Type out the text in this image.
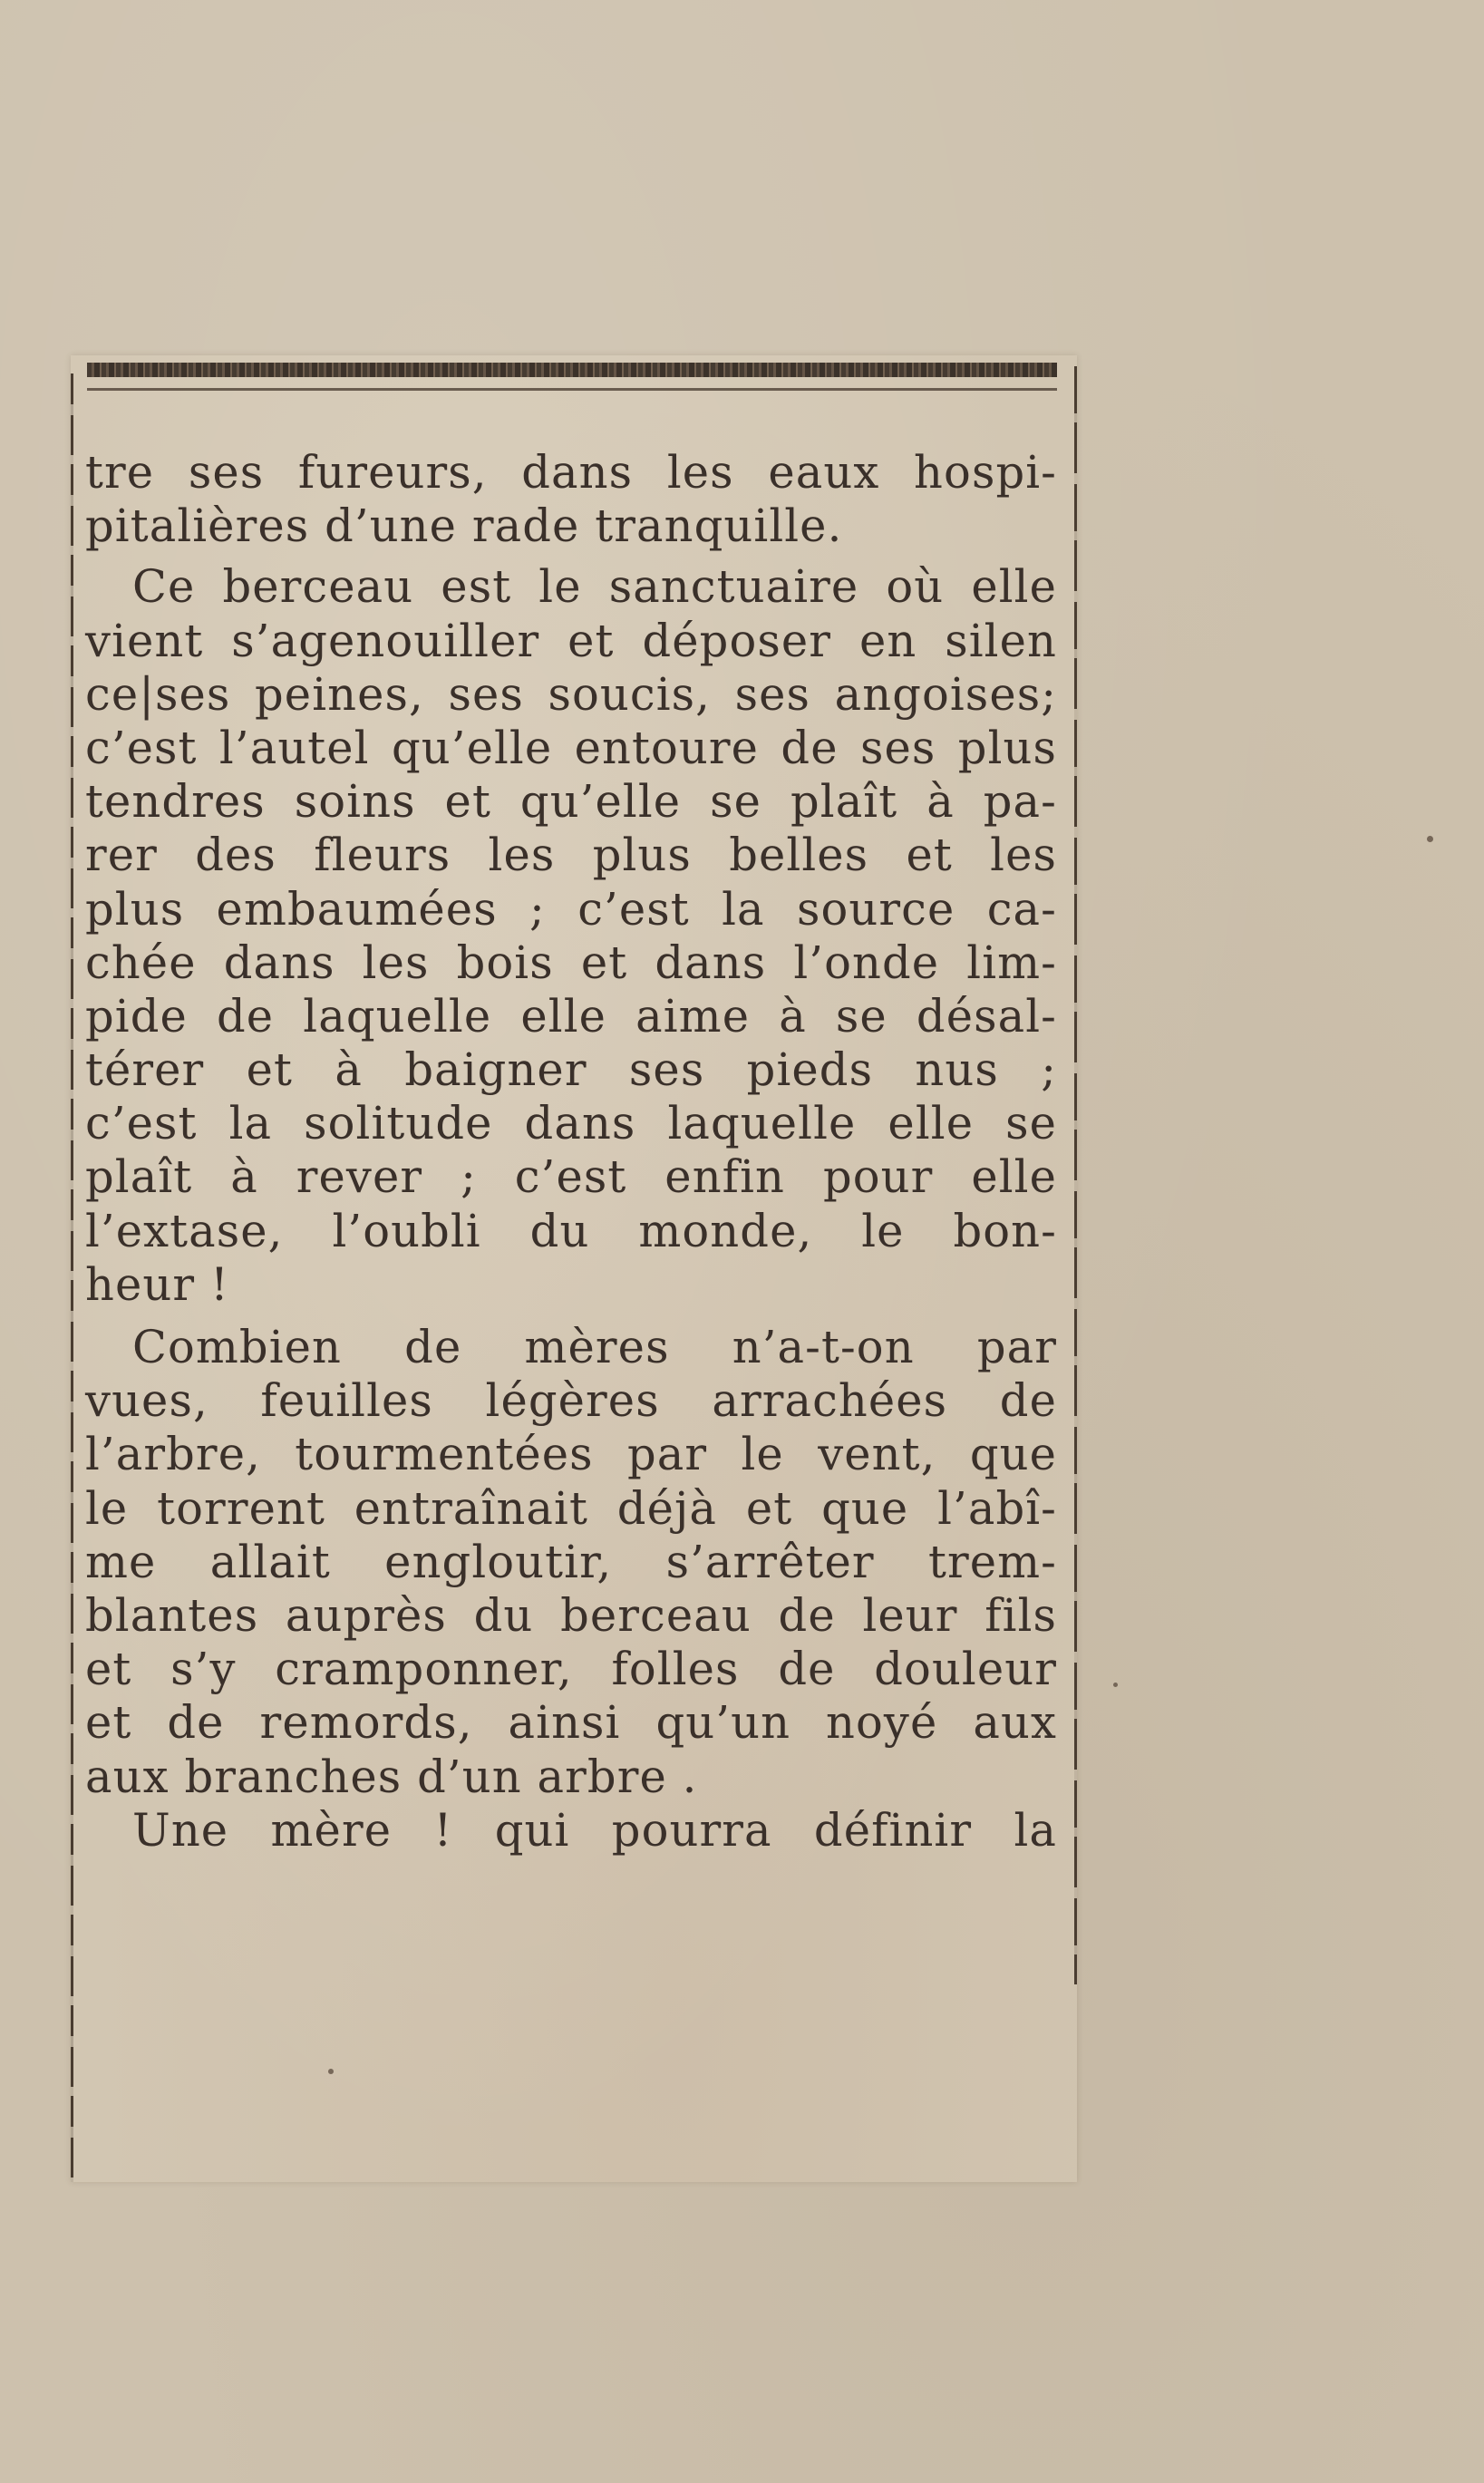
tre ses fureurs, dans les eaux hospi-
pitalières d’une rade tranquille.
Ce berceau est le sanctuaire où elle
vient s’agenouiller et déposer en silen
ce|ses peines, ses soucis, ses angoises;
c’est l’autel qu’elle entoure de ses plus
tendres soins et qu’elle se plaît à pa-
rer des fleurs les plus belles et les
plus embaumées ; c’est la source ca-
chée dans les bois et dans l’onde lim-
pide de laquelle elle aime à se désal-
térer et à baigner ses pieds nus ;
c’est la solitude dans laquelle elle se
plaît à rever ; c’est enfin pour elle
l’extase, l’oubli du monde, le bon-
heur !
Combien de mères n’a-t-on par
vues, feuilles légères arrachées de
l’arbre, tourmentées par le vent, que
le torrent entraînait déjà et que l’abî-
me allait engloutir, s’arrêter trem-
blantes auprès du berceau de leur fils
et s’y cramponner, folles de douleur
et de remords, ainsi qu’un noyé aux
aux branches d’un arbre .
Une mère ! qui pourra définir la
